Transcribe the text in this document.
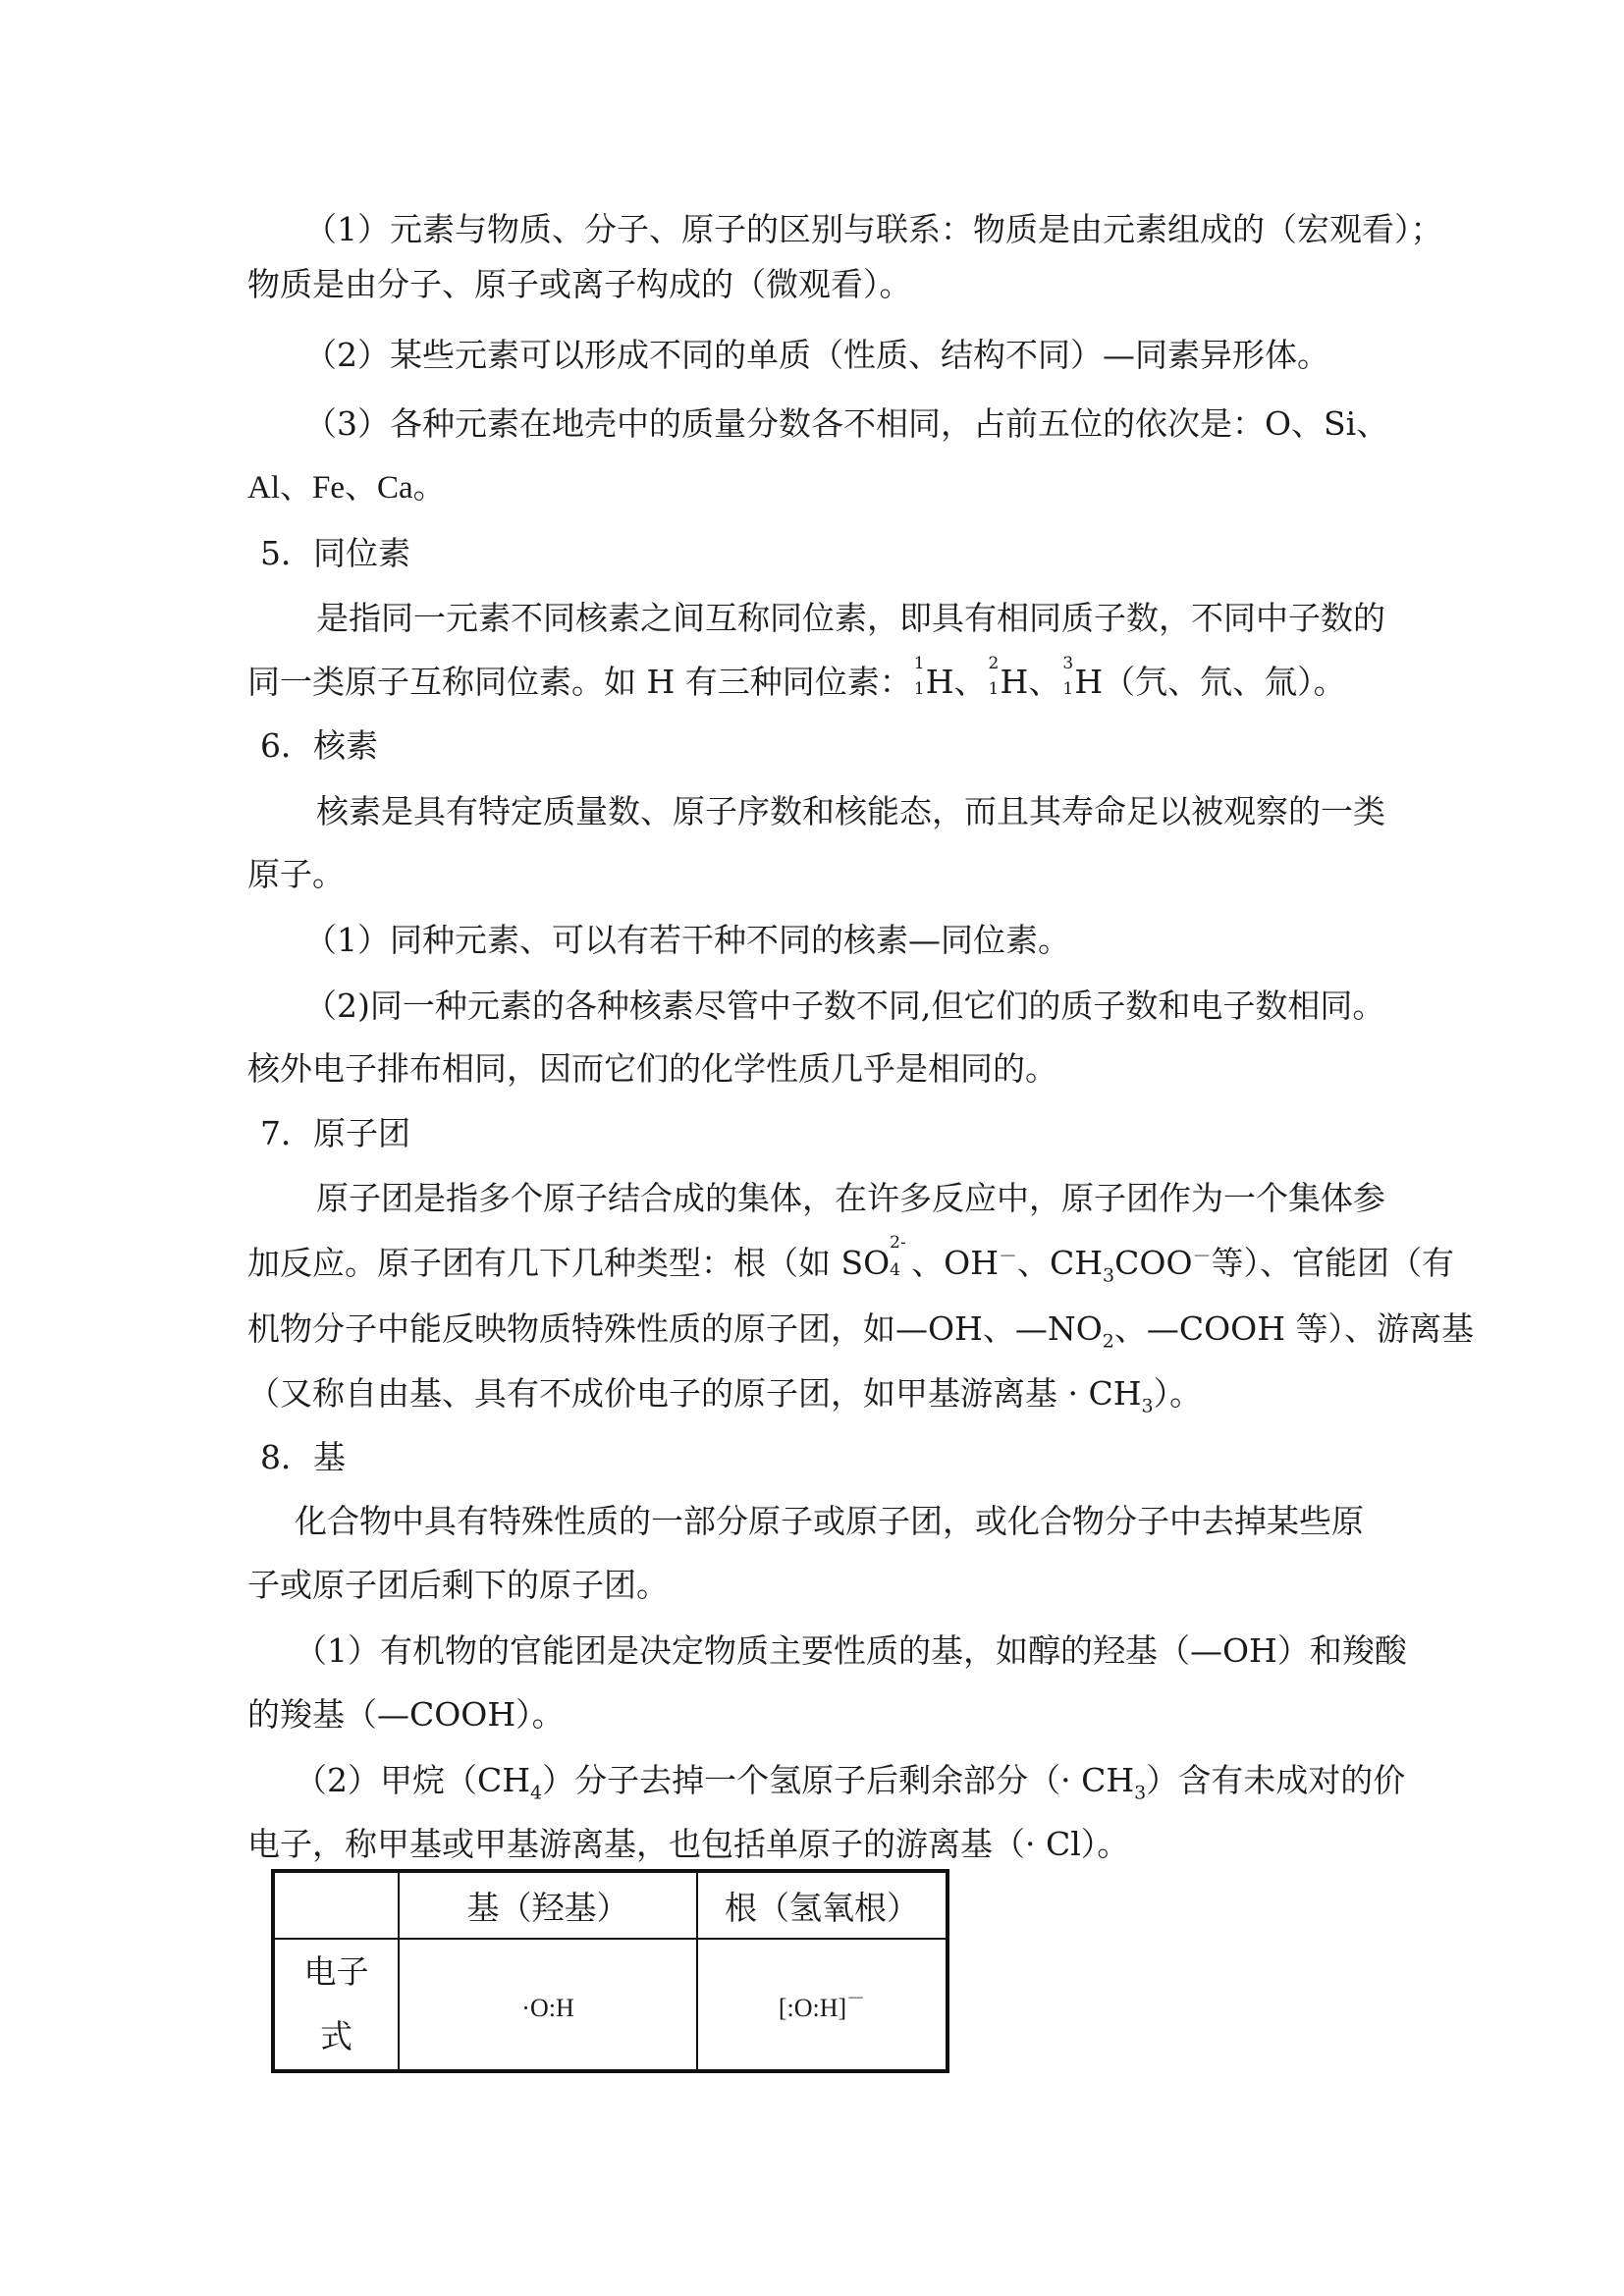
（1）元素与物质、分子、原子的区别与联系：物质是由元素组成的（宏观看）；
物质是由分子、原子或离子构成的（微观看）。
（2）某些元素可以形成不同的单质（性质、结构不同）—同素异形体。
（3）各种元素在地壳中的质量分数各不相同，占前五位的依次是：O、Si、
Al、Fe、Ca。
5．同位素
是指同一元素不同核素之间互称同位素，即具有相同质子数，不同中子数的
同一类原子互称同位素。如 H 有三种同位素： 1
1 H、 2
1 H、 3
1 H（氕、氘、氚）。
6．核素
核素是具有特定质量数、原子序数和核能态，而且其寿命足以被观察的一类
原子。
（1）同种元素、可以有若干种不同的核素—同位素。
（2)同一种元素的各种核素尽管中子数不同,但它们的质子数和电子数相同。
核外电子排布相同，因而它们的化学性质几乎是相同的。
7．原子团
原子团是指多个原子结合成的集体，在许多反应中，原子团作为一个集体参
加反应。原子团有几下几种类型：根（如 SO
2-
4 、OH－、$CH_3COO^-$等）、官能团（有
机物分子中能反映物质特殊性质的原子团，如—OH、$—NO_2$、—COOH 等）、游离基
（又称自由基、具有不成价电子的原子团，如甲基游离基 · $CH_3$）。
8．基
化合物中具有特殊性质的一部分原子或原子团，或化合物分子中去掉某些原
子或原子团后剩下的原子团。
（1）有机物的官能团是决定物质主要性质的基，如醇的羟基（—OH）和羧酸
的羧基（—COOH）。
（2）甲烷$(CH_4)$分子去掉一个氢原子后剩余部分（· $CH_3$）含有未成对的价
电子，称甲基或甲基游离基，也包括单原子的游离基（· Cl）。
	基（羟基）	根（氢氧根）

电子
式	·O:H	[:O:H]－
